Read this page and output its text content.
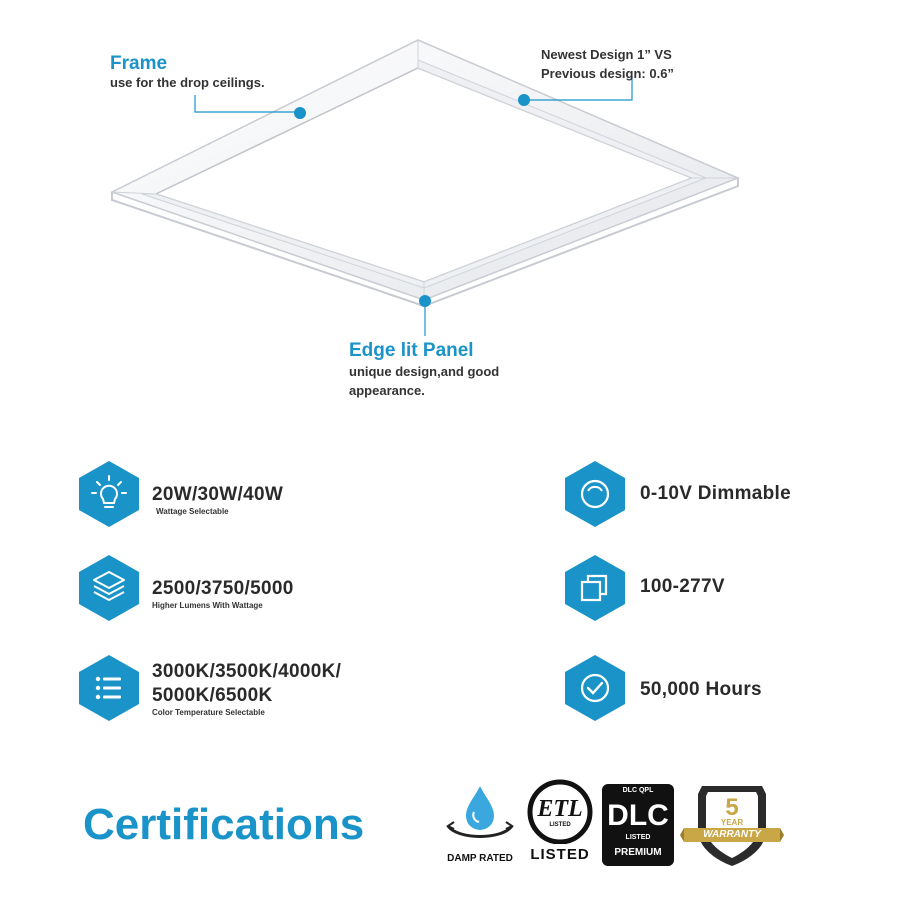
Frame
use for the drop ceilings.
Newest Design 1” VS
Previous design: 0.6”
Edge lit Panel
unique design,and good
appearance.
20W/30W/40W
Wattage Selectable
2500/3750/5000
Higher Lumens With Wattage
3000K/3500K/4000K/
5000K/6500K
Color Temperature Selectable
0-10V Dimmable
100-277V
50,000 Hours
Certifications
DAMP RATED
ETL
LISTED
LISTED
DLC QPL
DLC
LISTED
PREMIUM
5
YEAR
WARRANTY
